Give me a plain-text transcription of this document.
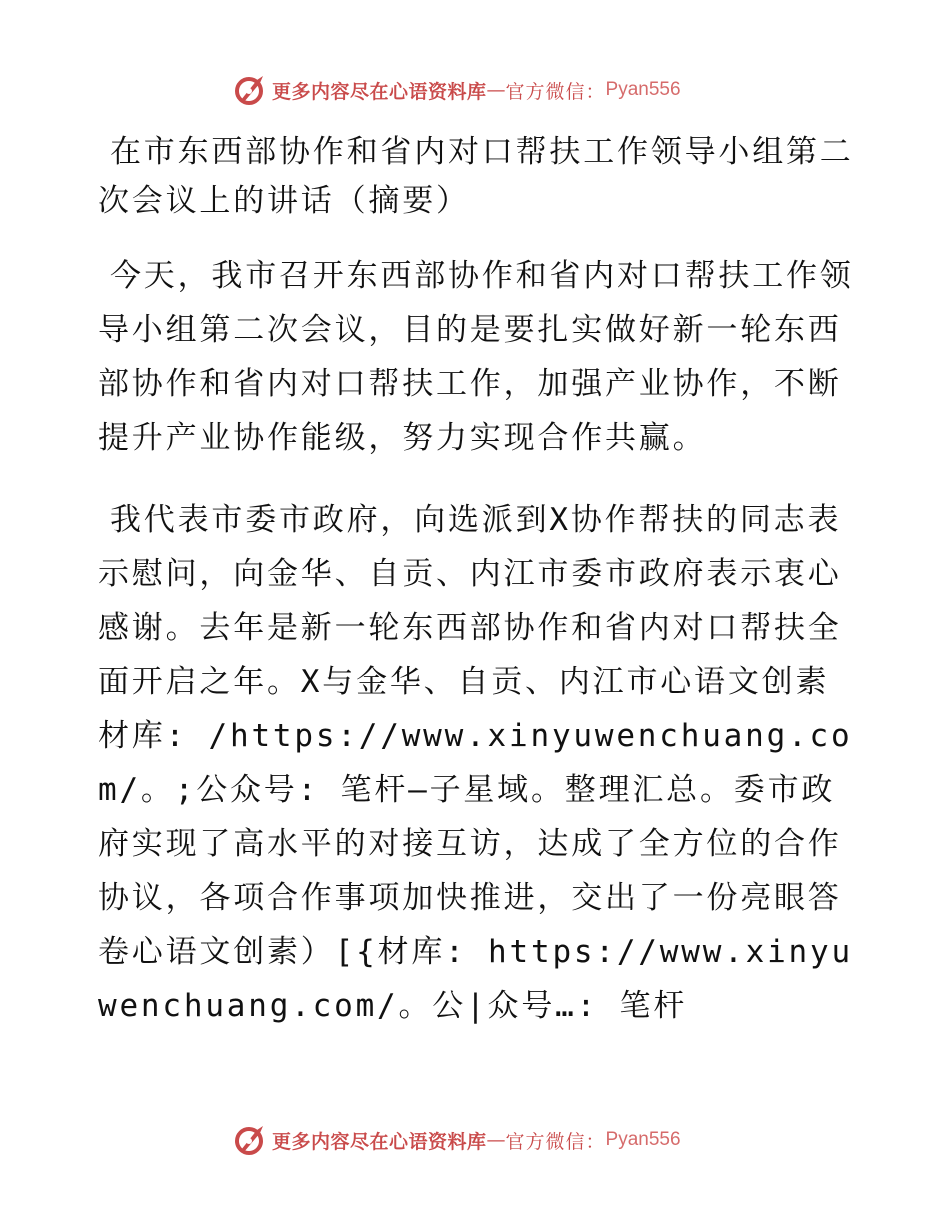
更多内容尽在心语资料库 — 官方微信： Pyan556

在市东西部协作和省内对口帮扶工作领导小组第二次会议上的讲话（摘要）

今天，我市召开东西部协作和省内对口帮扶工作领导小组第二次会议，目的是要扎实做好新一轮东西部协作和省内对口帮扶工作，加强产业协作，不断提升产业协作能级，努力实现合作共赢。

我代表市委市政府，向选派到X协作帮扶的同志表示慰问，向金华、自贡、内江市委市政府表示衷心感谢。去年是新一轮东西部协作和省内对口帮扶全面开启之年。X与金华、自贡、内江市心语文创素材库: /https://www.xinyuwenchuang.com/。;公众号: 笔杆—子星域。整理汇总。委市政府实现了高水平的对接互访，达成了全方位的合作协议，各项合作事项加快推进，交出了一份亮眼答卷心语文创素）[{材库: https://www.xinyuwenchuang.com/。公|众号…: 笔杆

更多内容尽在心语资料库 — 官方微信： Pyan556
